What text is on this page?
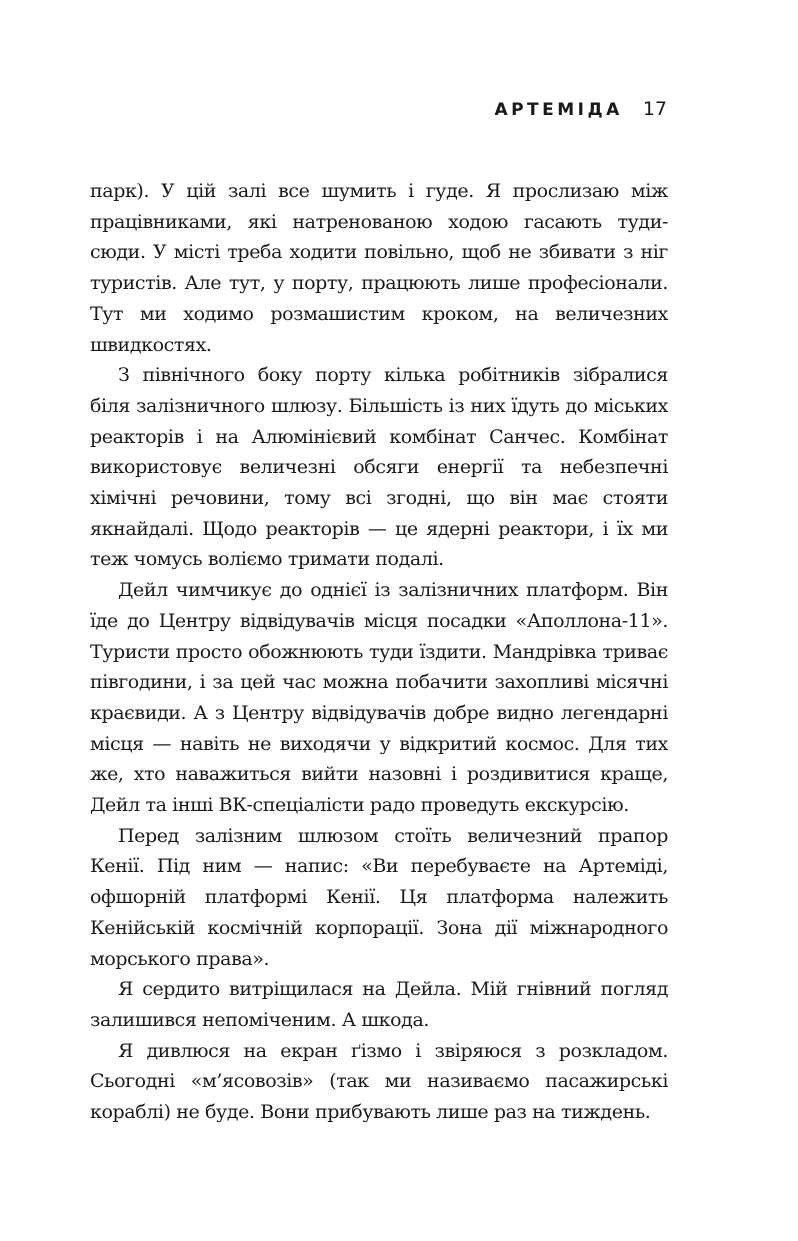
АРТЕМІДА 17

парк). У цій залі все шумить і гуде. Я прослизаю між працівниками, які натренованою ходою гасають туди-сюди. У місті треба ходити повільно, щоб не збивати з ніг туристів. Але тут, у порту, працюють лише професіонали. Тут ми ходимо розмашистим кроком, на величезних швидкостях.

З північного боку порту кілька робітників зібралися біля залізничного шлюзу. Більшість із них їдуть до міських реакторів і на Алюмінієвий комбінат Санчес. Комбінат використовує величезні обсяги енергії та небезпечні хімічні речовини, тому всі згодні, що він має стояти якнайдалі. Щодо реакторів — це ядерні реактори, і їх ми теж чомусь воліємо тримати подалі.

Дейл чимчикує до однієї із залізничних платформ. Він їде до Центру відвідувачів місця посадки «Аполлона-11». Туристи просто обожнюють туди їздити. Мандрівка триває півгодини, і за цей час можна побачити захопливі місячні краєвиди. А з Центру відвідувачів добре видно легендарні місця — навіть не виходячи у відкритий космос. Для тих же, хто наважиться вийти назовні і роздивитися краще, Дейл та інші ВК-спеціалісти радо проведуть екскурсію.

Перед залізним шлюзом стоїть величезний прапор Кенії. Під ним — напис: «Ви перебуваєте на Артеміді, офшорній платформі Кенії. Ця платформа належить Кенійській космічній корпорації. Зона дії міжнародного морського права».

Я сердито витріщилася на Дейла. Мій гнівний погляд залишився непоміченим. А шкода.

Я дивлюся на екран ґізмо і звіряюся з розкладом. Сьогодні «м’ясовозів» (так ми називаємо пасажирські кораблі) не буде. Вони прибувають лише раз на тиждень.
